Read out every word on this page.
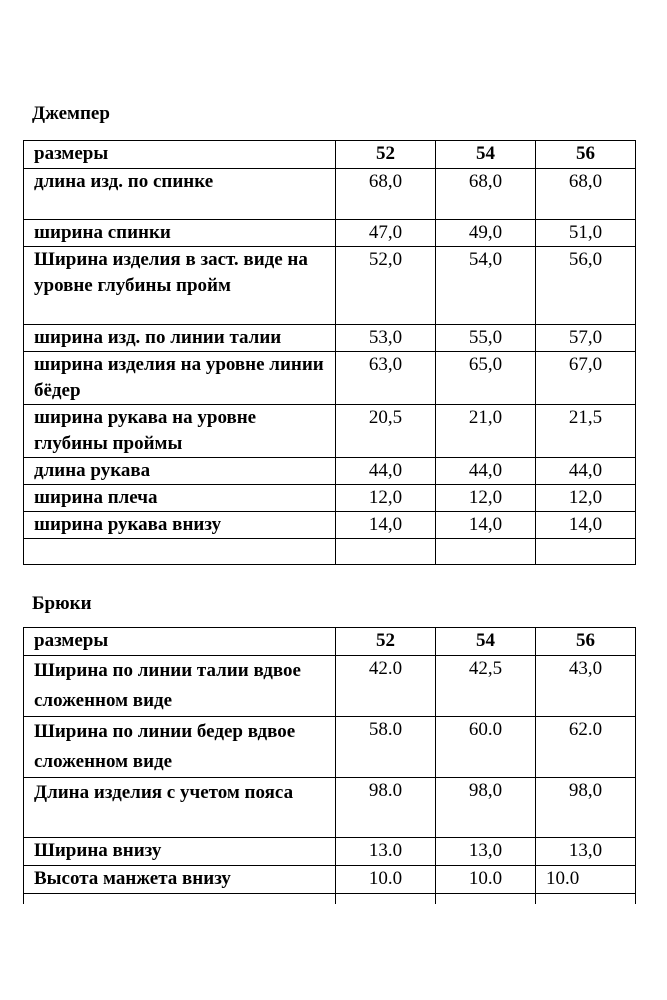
Джемпер
размеры	52	54	56
длина изд. по спинке	68,0	68,0	68,0
ширина спинки	47,0	49,0	51,0
Ширина изделия в заст. виде на уровне глубины пройм	52,0	54,0	56,0
ширина изд. по линии талии	53,0	55,0	57,0
ширина изделия на уровне линии бёдер	63,0	65,0	67,0
ширина рукава на уровне глубины проймы	20,5	21,0	21,5
длина рукава	44,0	44,0	44,0
ширина плеча	12,0	12,0	12,0
ширина рукава внизу	14,0	14,0	14,0

Брюки
размеры	52	54	56
Ширина по линии талии вдвое сложенном виде	42.0	42,5	43,0
Ширина по линии бедер вдвое сложенном виде	58.0	60.0	62.0
Длина изделия с учетом пояса	98.0	98,0	98,0
Ширина внизу	13.0	13,0	13,0
Высота манжета внизу	10.0	10.0	10.0
